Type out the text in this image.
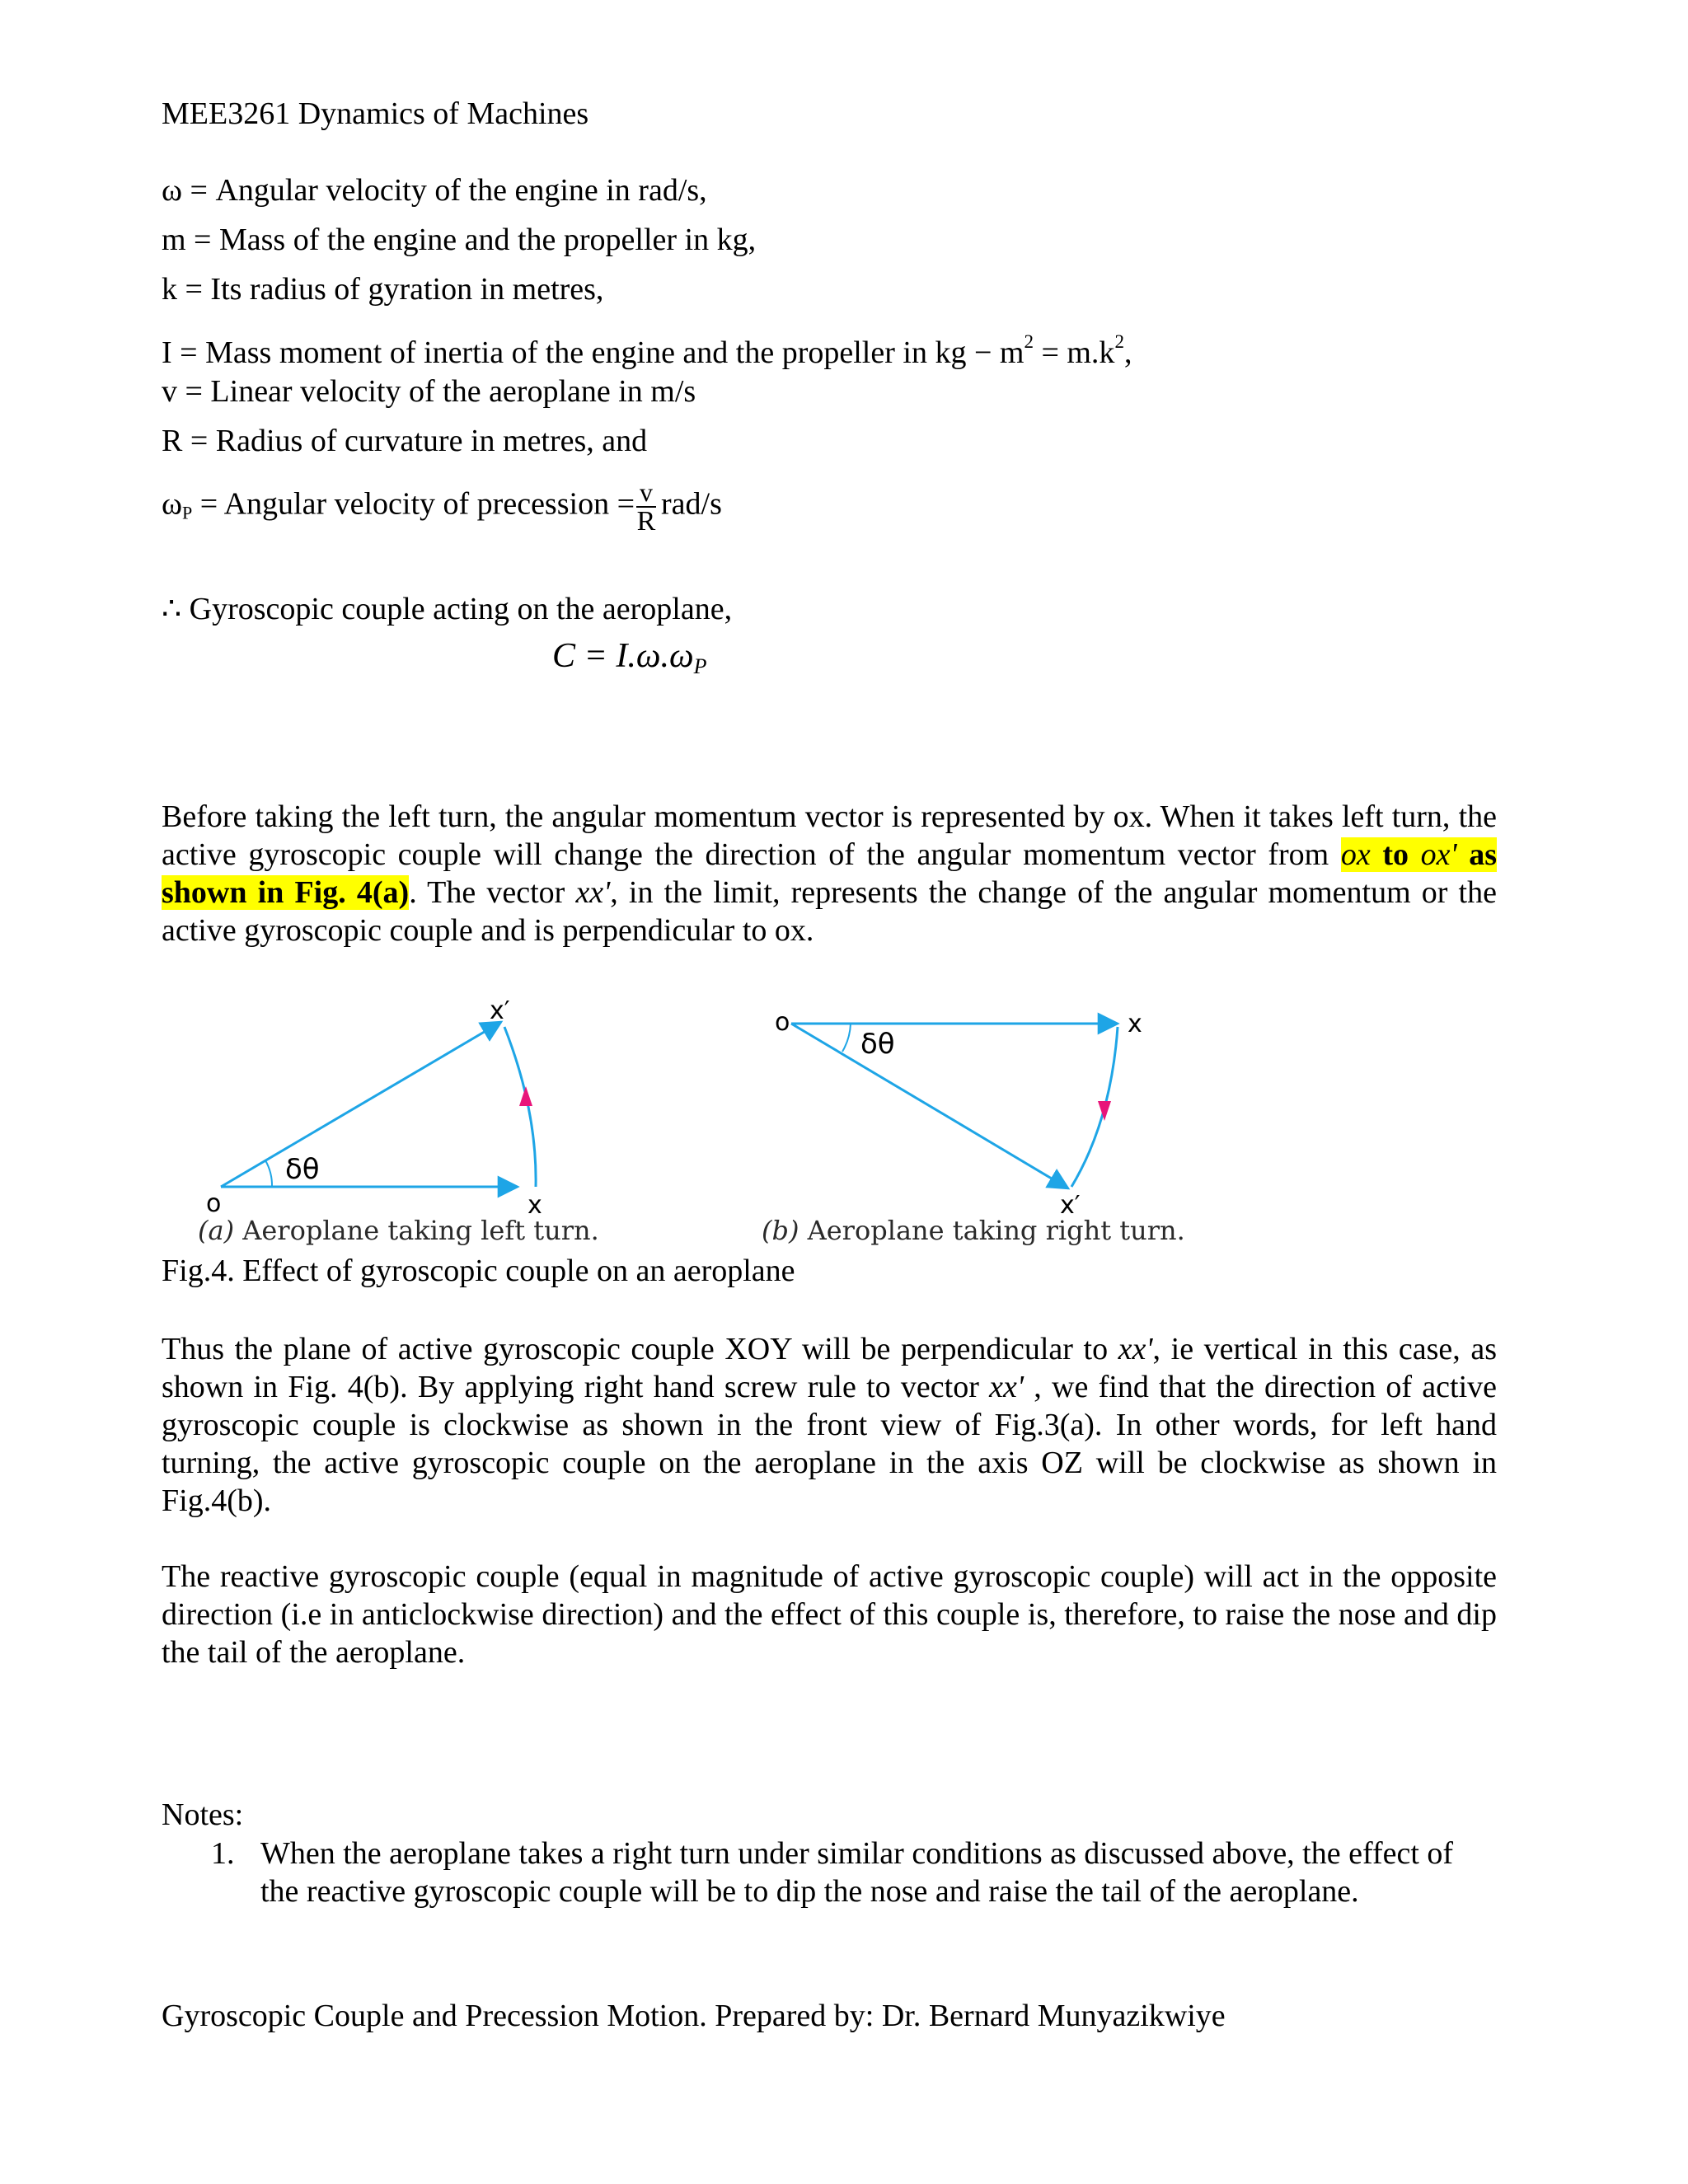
MEE3261 Dynamics of Machines
ω = Angular velocity of the engine in rad/s,
m = Mass of the engine and the propeller in kg,
k = Its radius of gyration in metres,
I = Mass moment of inertia of the engine and the propeller in kg − $m^2 = m.k^2$,
v = Linear velocity of the aeroplane in m/s
R = Radius of curvature in metres, and
$\omega_P$ = Angular velocity of precession = $\frac{v}{R} rad/s$
∴ Gyroscopic couple acting on the aeroplane,
C = I.ω.ωP
Before taking the left turn, the angular momentum vector is represented by ox. When it takes left turn, the active gyroscopic couple will change the direction of the angular momentum vector from ox to ox' as shown in Fig. 4(a). The vector xx', in the limit, represents the change of the angular momentum or the active gyroscopic couple and is perpendicular to ox.
δθ
o	x
x′
δθ
o	x
x′
(a) Aeroplane taking left turn.	(b) Aeroplane taking right turn.
Fig.4. Effect of gyroscopic couple on an aeroplane
Thus the plane of active gyroscopic couple XOY will be perpendicular to xx', ie vertical in this case, as shown in Fig. 4(b). By applying right hand screw rule to vector xx' , we find that the direction of active gyroscopic couple is clockwise as shown in the front view of Fig.3(a). In other words, for left hand turning, the active gyroscopic couple on the aeroplane in the axis OZ will be clockwise as shown in Fig.4(b).
The reactive gyroscopic couple (equal in magnitude of active gyroscopic couple) will act in the opposite direction (i.e in anticlockwise direction) and the effect of this couple is, therefore, to raise the nose and dip the tail of the aeroplane.
Notes:
1. When the aeroplane takes a right turn under similar conditions as discussed above, the effect of the reactive gyroscopic couple will be to dip the nose and raise the tail of the aeroplane.
Gyroscopic Couple and Precession Motion. Prepared by: Dr. Bernard Munyazikwiye
